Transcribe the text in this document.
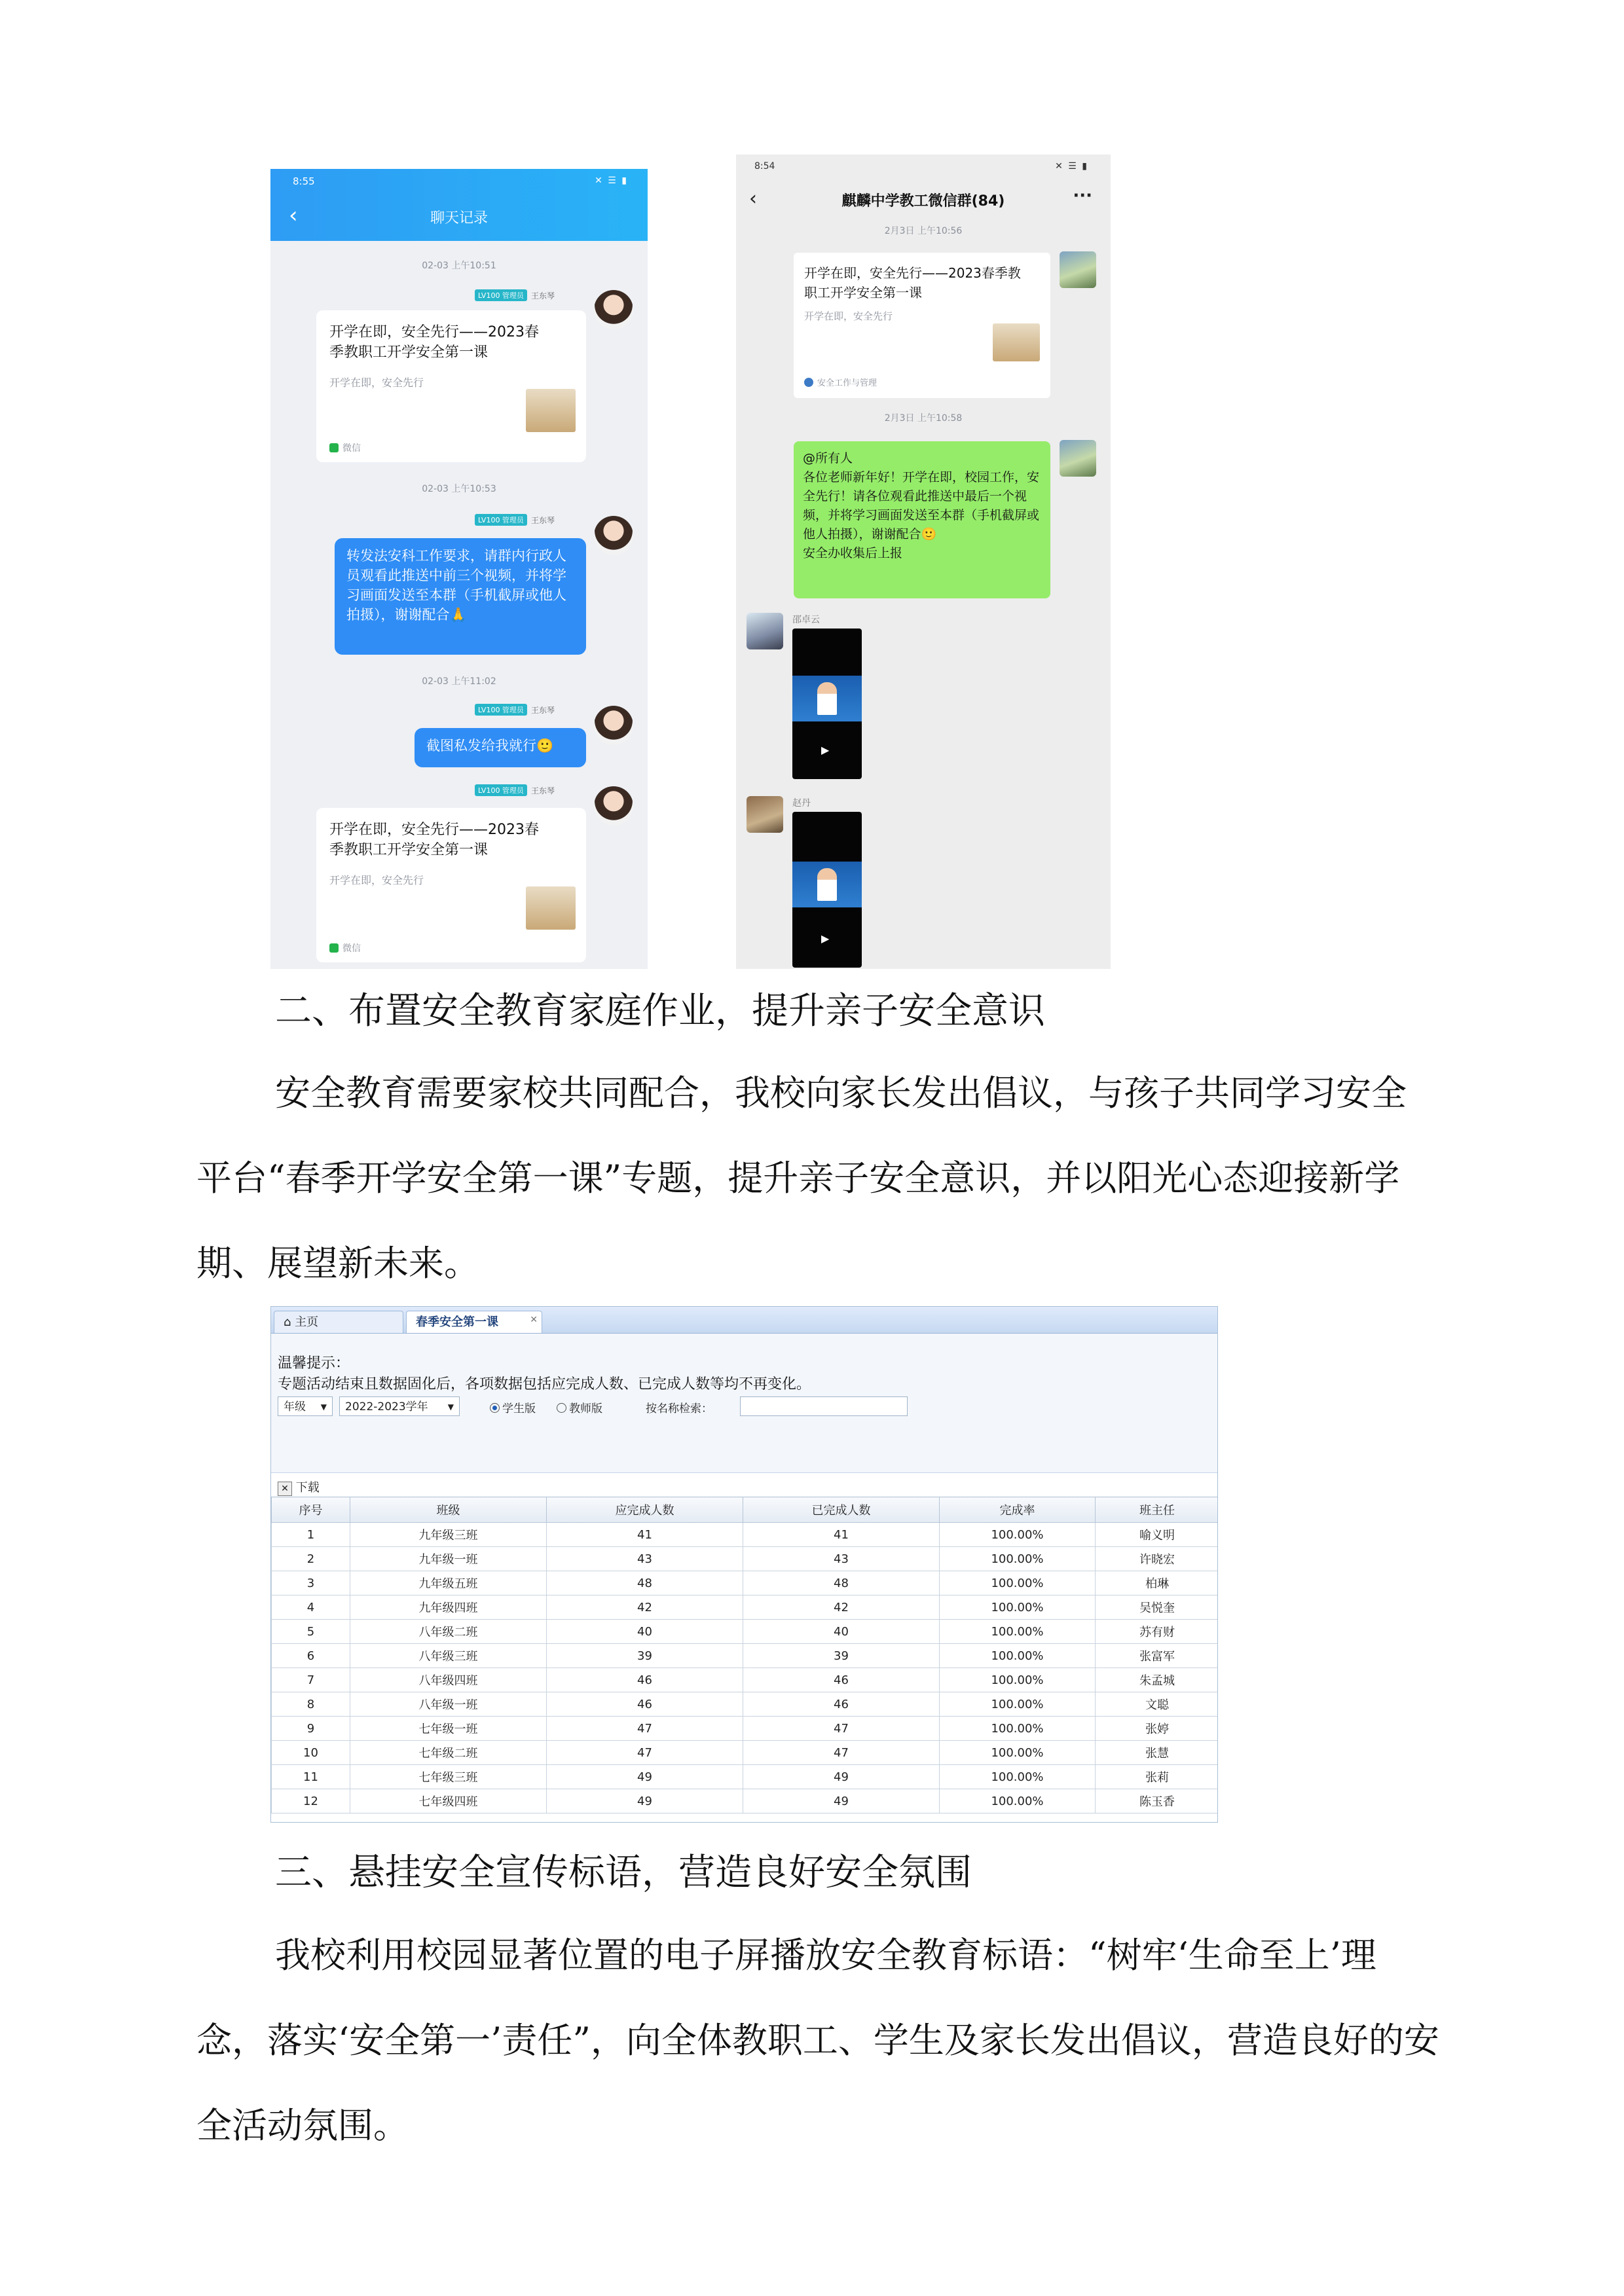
8:55	✕ ☰ ▮
‹	聊天记录
02-03 上午10:51
LV100 管理员 王东琴
开学在即，安全先行——2023春季教职工开学安全第一课
开学在即，安全先行
微信
02-03 上午10:53
LV100 管理员 王东琴
转发法安科工作要求，请群内行政人员观看此推送中前三个视频，并将学习画面发送至本群（手机截屏或他人拍摄），谢谢配合🙏
02-03 上午11:02
LV100 管理员 王东琴
截图私发给我就行🙂
LV100 管理员 王东琴
开学在即，安全先行——2023春季教职工开学安全第一课
开学在即，安全先行
微信
8:54	✕ ☰ ▮
‹	麒麟中学教工微信群(84)	···
2月3日 上午10:56
开学在即，安全先行——2023春季教职工开学安全第一课
开学在即，安全先行
安全工作与管理
2月3日 上午10:58
@所有人
各位老师新年好！开学在即，校园工作，安全先行！请各位观看此推送中最后一个视频，并将学习画面发送至本群（手机截屏或他人拍摄），谢谢配合🙂
安全办收集后上报
邵卓云
▶
赵丹
▶
二、布置安全教育家庭作业，提升亲子安全意识
安全教育需要家校共同配合，我校向家长发出倡议，与孩子共同学习安全平台“春季开学安全第一课”专题，提升亲子安全意识，并以阳光心态迎接新学期、展望新未来。
⌂ 主页	春季安全第一课	✕
温馨提示：
专题活动结束且数据固化后，各项数据包括应完成人数、已完成人数等均不再变化。
年级 ▼	2022-2023学年	▼	学生版	教师版	按名称检索：
✕ 下载
序号	班级	应完成人数	已完成人数	完成率	班主任
1	九年级三班	41	41	100.00%	喻义明
2	九年级一班	43	43	100.00%	许晓宏
3	九年级五班	48	48	100.00%	柏琳
4	九年级四班	42	42	100.00%	吴悦奎
5	八年级二班	40	40	100.00%	苏有财
6	八年级三班	39	39	100.00%	张富军
7	八年级四班	46	46	100.00%	朱孟城
8	八年级一班	46	46	100.00%	文聪
9	七年级一班	47	47	100.00%	张婷
10	七年级二班	47	47	100.00%	张慧
11	七年级三班	49	49	100.00%	张莉
12	七年级四班	49	49	100.00%	陈玉香
三、悬挂安全宣传标语，营造良好安全氛围
我校利用校园显著位置的电子屏播放安全教育标语：“树牢‘生命至上’理念，落实‘安全第一’责任”，向全体教职工、学生及家长发出倡议，营造良好的安全活动氛围。
